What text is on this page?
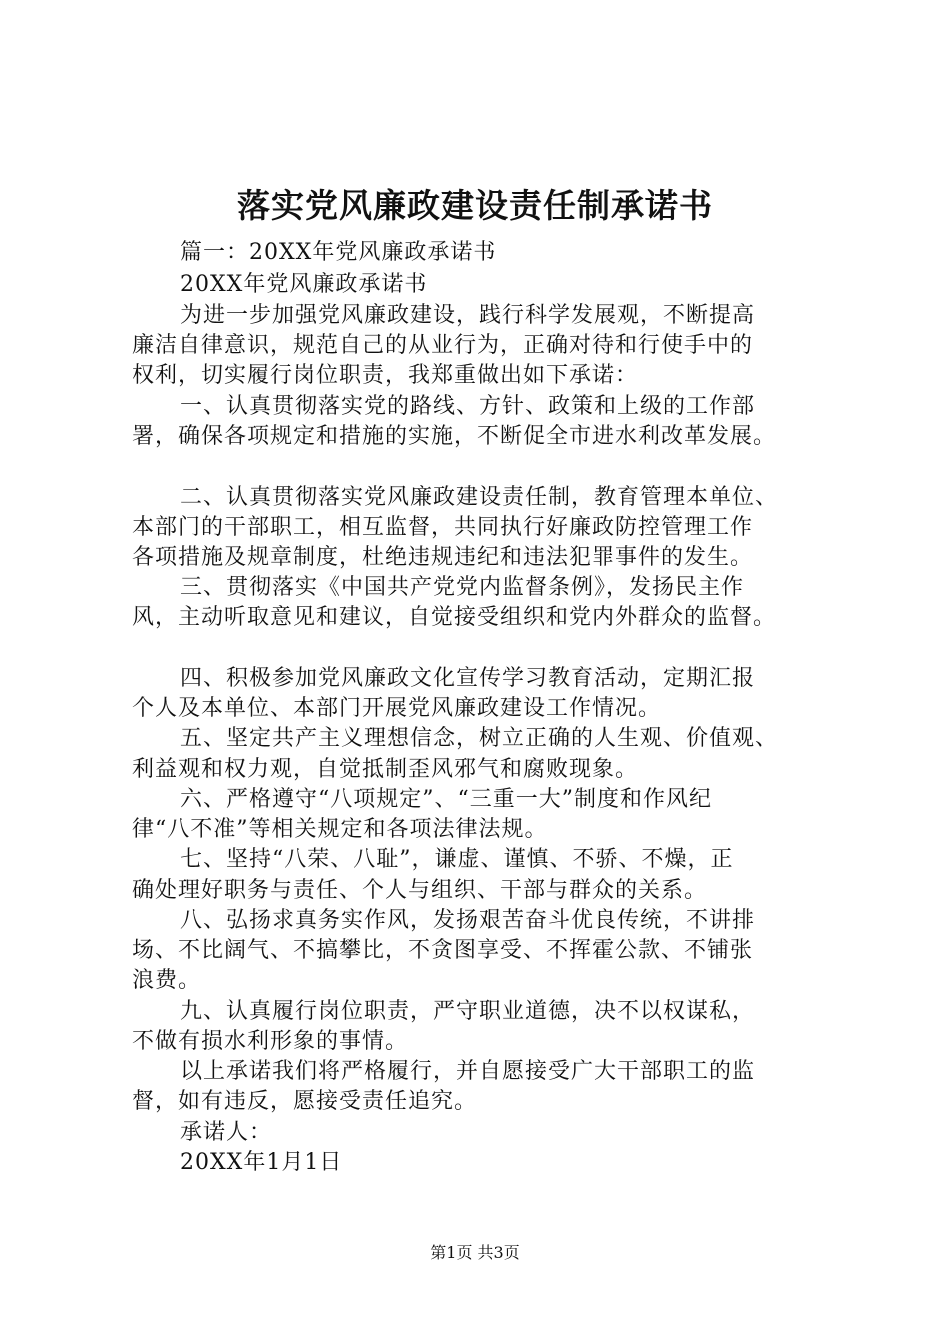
落实党风廉政建设责任制承诺书
篇一：20XX年党风廉政承诺书
20XX年党风廉政承诺书
为进一步加强党风廉政建设，践行科学发展观，不断提高
廉洁自律意识，规范自己的从业行为，正确对待和行使手中的
权利，切实履行岗位职责，我郑重做出如下承诺：
一、认真贯彻落实党的路线、方针、政策和上级的工作部
署，确保各项规定和措施的实施，不断促全市进水利改革发展。
二、认真贯彻落实党风廉政建设责任制，教育管理本单位、
本部门的干部职工，相互监督，共同执行好廉政防控管理工作
各项措施及规章制度，杜绝违规违纪和违法犯罪事件的发生。
三、贯彻落实《中国共产党党内监督条例》，发扬民主作
风，主动听取意见和建议，自觉接受组织和党内外群众的监督。
四、积极参加党风廉政文化宣传学习教育活动，定期汇报
个人及本单位、本部门开展党风廉政建设工作情况。
五、坚定共产主义理想信念，树立正确的人生观、价值观、
利益观和权力观，自觉抵制歪风邪气和腐败现象。
六、严格遵守“八项规定”、“三重一大”制度和作风纪
律“八不准”等相关规定和各项法律法规。
七、坚持“八荣、八耻”，谦虚、谨慎、不骄、不燥，正
确处理好职务与责任、个人与组织、干部与群众的关系。
八、弘扬求真务实作风，发扬艰苦奋斗优良传统，不讲排
场、不比阔气、不搞攀比，不贪图享受、不挥霍公款、不铺张
浪费。
九、认真履行岗位职责，严守职业道德，决不以权谋私，
不做有损水利形象的事情。
以上承诺我们将严格履行，并自愿接受广大干部职工的监
督，如有违反，愿接受责任追究。
承诺人：
20XX年1月1日
第1页 共3页
